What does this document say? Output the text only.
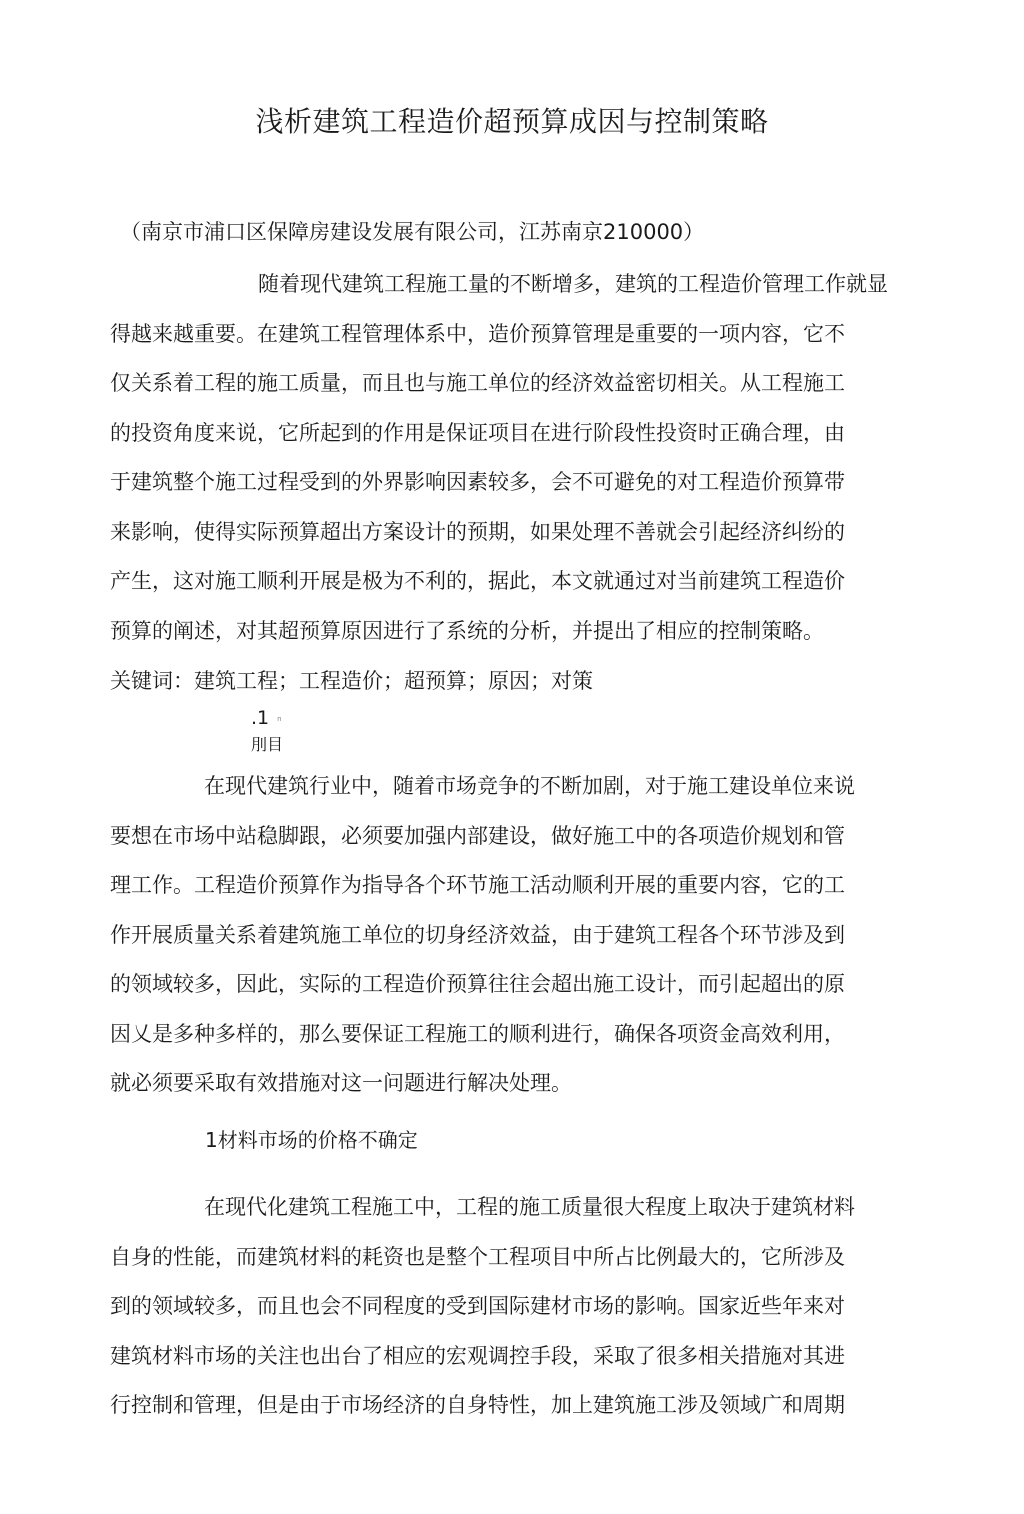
浅析建筑工程造价超预算成因与控制策略
（南京市浦口区保障房建设发展有限公司，江苏南京210000）
随着现代建筑工程施工量的不断增多，建筑的工程造价管理工作就显
得越来越重要。在建筑工程管理体系中，造价预算管理是重要的一项内容，它不
仅关系着工程的施工质量，而且也与施工单位的经济效益密切相关。从工程施工
的投资角度来说，它所起到的作用是保证项目在进行阶段性投资时正确合理，由
于建筑整个施工过程受到的外界影响因素较多，会不可避免的对工程造价预算带
来影响，使得实际预算超出方案设计的预期，如果处理不善就会引起经济纠纷的
产生，这对施工顺利开展是极为不利的，据此，本文就通过对当前建筑工程造价
预算的阐述，对其超预算原因进行了系统的分析，并提出了相应的控制策略。
关键词：建筑工程；工程造价；超预算；原因；对策
.1 n
刖目
在现代建筑行业中，随着市场竞争的不断加剧，对于施工建设单位来说
要想在市场中站稳脚跟，必须要加强内部建设，做好施工中的各项造价规划和管
理工作。工程造价预算作为指导各个环节施工活动顺利开展的重要内容，它的工
作开展质量关系着建筑施工单位的切身经济效益，由于建筑工程各个环节涉及到
的领域较多，因此，实际的工程造价预算往往会超出施工设计，而引起超出的原
因乂是多种多样的，那么要保证工程施工的顺利进行，确保各项资金高效利用，
就必须要采取有效措施对这一问题进行解决处理。
1材料市场的价格不确定
在现代化建筑工程施工中，工程的施工质量很大程度上取决于建筑材料
自身的性能，而建筑材料的耗资也是整个工程项目中所占比例最大的，它所涉及
到的领域较多，而且也会不同程度的受到国际建材市场的影响。国家近些年来对
建筑材料市场的关注也出台了相应的宏观调控手段，采取了很多相关措施对其进
行控制和管理，但是由于市场经济的自身特性，加上建筑施工涉及领域广和周期
